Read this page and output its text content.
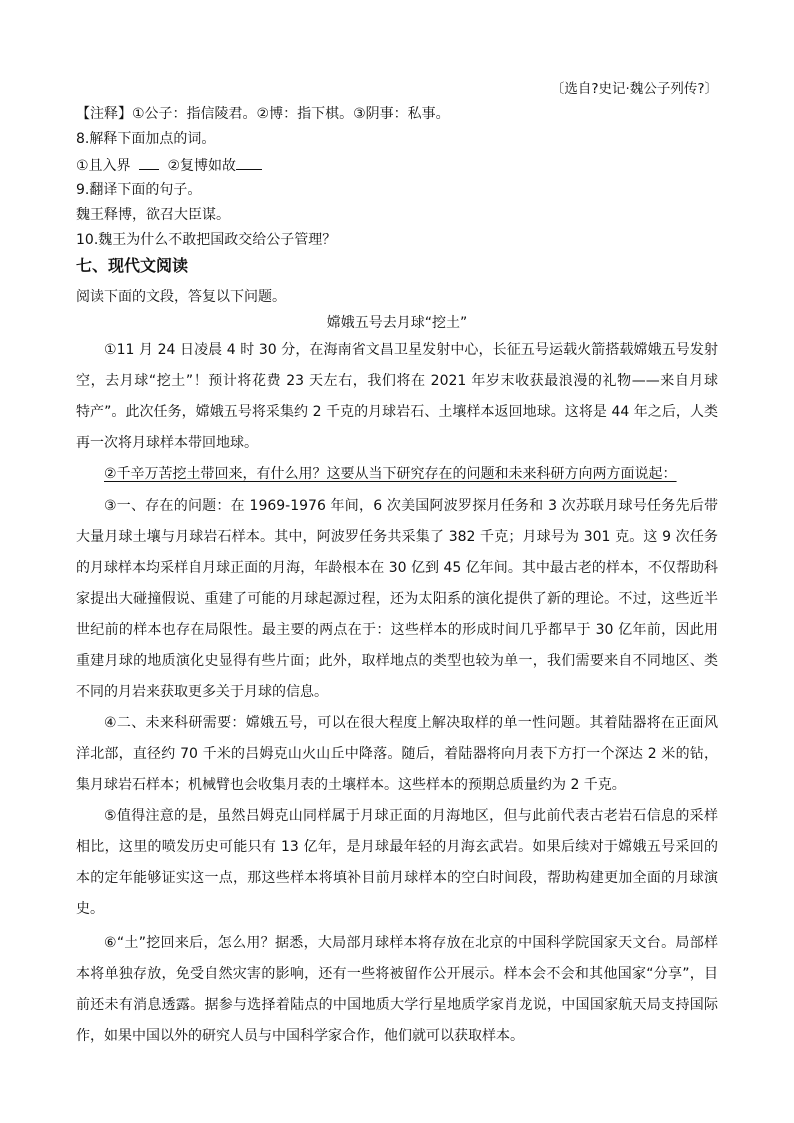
〔选自?史记·魏公子列传?〕
【注释】①公子：指信陵君。②博：指下棋。③阴事：私事。
8.解释下面加点的词。
①且入界	②复博如故
9.翻译下面的句子。
魏王释博，欲召大臣谋。
10.魏王为什么不敢把国政交给公子管理？
七、现代文阅读
阅读下面的文段，答复以下问题。
嫦娥五号去月球“挖土”
①11 月 24 日凌晨 4 时 30 分，在海南省文昌卫星发射中心，长征五号运载火箭搭载嫦娥五号发射
空，去月球“挖土”！预计将花费 23 天左右，我们将在 2021 年岁末收获最浪漫的礼物——来自月球
特产”。此次任务，嫦娥五号将采集约 2 千克的月球岩石、土壤样本返回地球。这将是 44 年之后，人类
再一次将月球样本带回地球。
②千辛万苦挖土带回来，有什么用？这要从当下研究存在的问题和未来科研方向两方面说起：
③一、存在的问题：在 1969-1976 年间，6 次美国阿波罗探月任务和 3 次苏联月球号任务先后带
大量月球土壤与月球岩石样本。其中，阿波罗任务共采集了 382 千克；月球号为 301 克。这 9 次任务
的月球样本均采样自月球正面的月海，年龄根本在 30 亿到 45 亿年间。其中最古老的样本，不仅帮助科
家提出大碰撞假说、重建了可能的月球起源过程，还为太阳系的演化提供了新的理论。不过，这些近半
世纪前的样本也存在局限性。最主要的两点在于：这些样本的形成时间几乎都早于 30 亿年前，因此用
重建月球的地质演化史显得有些片面；此外，取样地点的类型也较为单一，我们需要来自不同地区、类
不同的月岩来获取更多关于月球的信息。
④二、未来科研需要：嫦娥五号，可以在很大程度上解决取样的单一性问题。其着陆器将在正面风
洋北部，直径约 70 千米的吕姆克山火山丘中降落。随后，着陆器将向月表下方打一个深达 2 米的钻，
集月球岩石样本；机械臂也会收集月表的土壤样本。这些样本的预期总质量约为 2 千克。
⑤值得注意的是，虽然吕姆克山同样属于月球正面的月海地区，但与此前代表古老岩石信息的采样
相比，这里的喷发历史可能只有 13 亿年，是月球最年轻的月海玄武岩。如果后续对于嫦娥五号采回的
本的定年能够证实这一点，那这些样本将填补目前月球样本的空白时间段，帮助构建更加全面的月球演
史。
⑥“土”挖回来后，怎么用？据悉，大局部月球样本将存放在北京的中国科学院国家天文台。局部样
本将单独存放，免受自然灾害的影响，还有一些将被留作公开展示。样本会不会和其他国家“分享”，目
前还未有消息透露。据参与选择着陆点的中国地质大学行星地质学家肖龙说，中国国家航天局支持国际
作，如果中国以外的研究人员与中国科学家合作，他们就可以获取样本。
